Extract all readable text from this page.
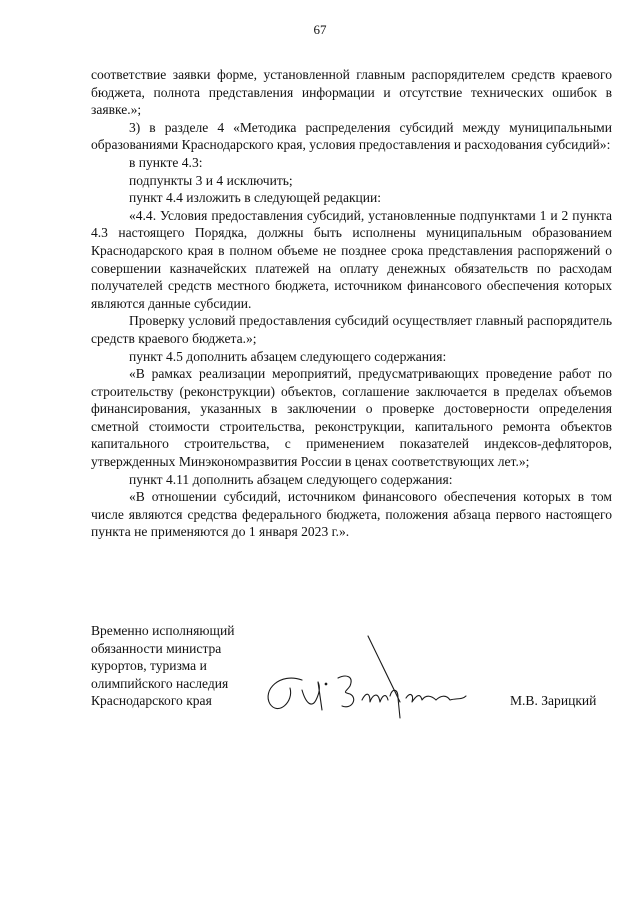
67

соответствие заявки форме, установленной главным распорядителем средств краевого бюджета, полнота представления информации и отсутствие технических ошибок в заявке.»;

3) в разделе 4 «Методика распределения субсидий между муниципальными образованиями Краснодарского края, условия предоставления и расходования субсидий»:

в пункте 4.3:

подпункты 3 и 4 исключить;

пункт 4.4 изложить в следующей редакции:

«4.4. Условия предоставления субсидий, установленные подпунктами 1 и 2 пункта 4.3 настоящего Порядка, должны быть исполнены муниципальным образованием Краснодарского края в полном объеме не позднее срока представления распоряжений о совершении казначейских платежей на оплату денежных обязательств по расходам получателей средств местного бюджета, источником финансового обеспечения которых являются данные субсидии.

Проверку условий предоставления субсидий осуществляет главный распорядитель средств краевого бюджета.»;

пункт 4.5 дополнить абзацем следующего содержания:

«В рамках реализации мероприятий, предусматривающих проведение работ по строительству (реконструкции) объектов, соглашение заключается в пределах объемов финансирования, указанных в заключении о проверке достоверности определения сметной стоимости строительства, реконструкции, капитального ремонта объектов капитального строительства, с применением показателей индексов-дефляторов, утвержденных Минэкономразвития России в ценах соответствующих лет.»;

пункт 4.11 дополнить абзацем следующего содержания:

«В отношении субсидий, источником финансового обеспечения которых в том числе являются средства федерального бюджета, положения абзаца первого настоящего пункта не применяются до 1 января 2023 г.».

Временно исполняющий
обязанности министра
курортов, туризма и
олимпийского наследия
Краснодарского края	М.В. Зарицкий
